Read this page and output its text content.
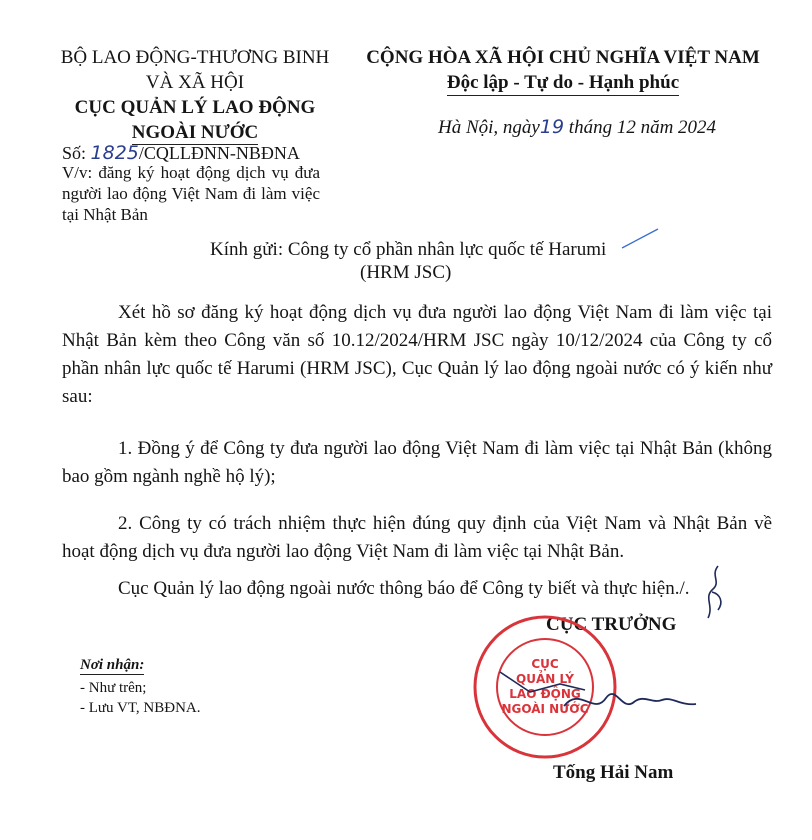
BỘ LAO ĐỘNG-THƯƠNG BINH
VÀ XÃ HỘI
CỤC QUẢN LÝ LAO ĐỘNG
NGOÀI NƯỚC
Số: 1825/CQLLĐNN-NBĐNA
V/v: đăng ký hoạt động dịch vụ đưa người lao động Việt Nam đi làm việc tại Nhật Bản
CỘNG HÒA XÃ HỘI CHỦ NGHĨA VIỆT NAM
Độc lập - Tự do - Hạnh phúc
Hà Nội, ngày19 tháng 12 năm 2024
Kính gửi: Công ty cổ phần nhân lực quốc tế Harumi
(HRM JSC)
Xét hồ sơ đăng ký hoạt động dịch vụ đưa người lao động Việt Nam đi làm việc tại Nhật Bản kèm theo Công văn số 10.12/2024/HRM JSC ngày 10/12/2024 của Công ty cổ phần nhân lực quốc tế Harumi (HRM JSC), Cục Quản lý lao động ngoài nước có ý kiến như sau:
1. Đồng ý để Công ty đưa người lao động Việt Nam đi làm việc tại Nhật Bản (không bao gồm ngành nghề hộ lý);
2. Công ty có trách nhiệm thực hiện đúng quy định của Việt Nam và Nhật Bản về hoạt động dịch vụ đưa người lao động Việt Nam đi làm việc tại Nhật Bản.
Cục Quản lý lao động ngoài nước thông báo để Công ty biết và thực hiện./.
CỤC TRƯỞNG
CỤC
QUẢN LÝ
LAO ĐỘNG
NGOÀI NƯỚC
Nơi nhận:
- Như trên;
- Lưu VT, NBĐNA.
Tống Hải Nam
